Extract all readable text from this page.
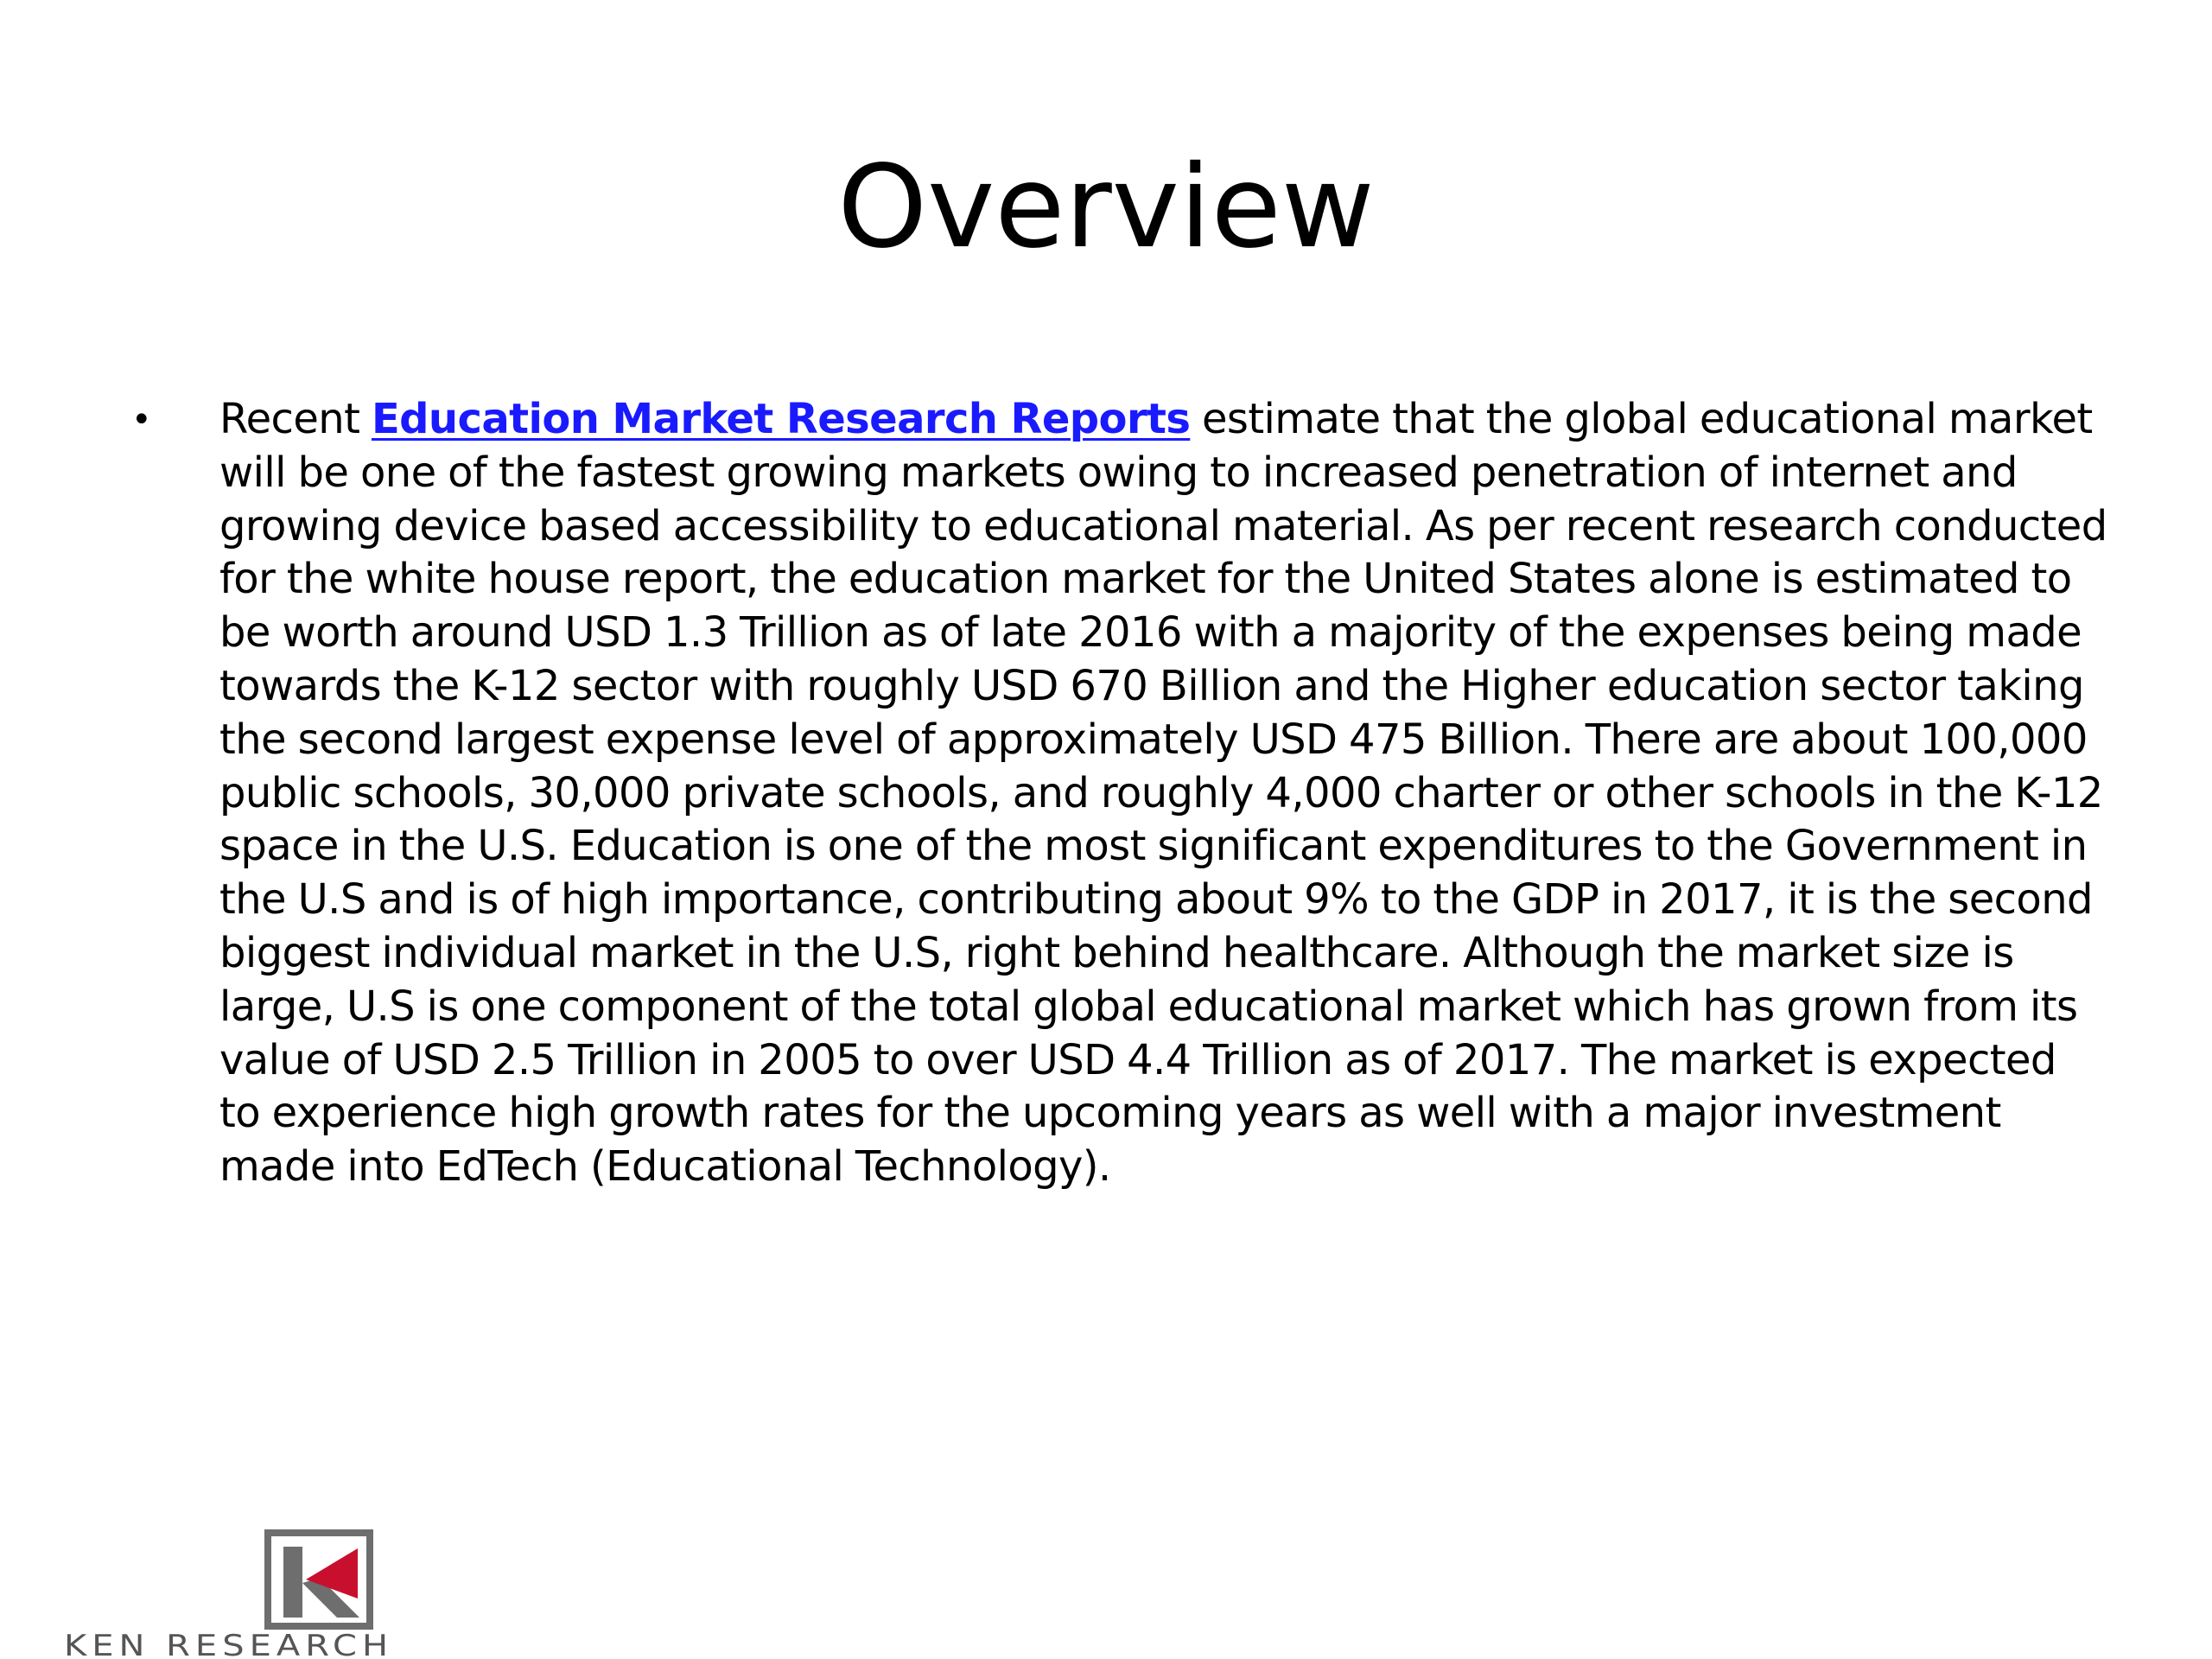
Overview
•	Recent Education Market Research Reports estimate that the global educational market will be one of the fastest growing markets owing to increased penetration of internet and growing device based accessibility to educational material. As per recent research conducted for the white house report, the education market for the United States alone is estimated to be worth around USD 1.3 Trillion as of late 2016 with a majority of the expenses being made towards the K-12 sector with roughly USD 670 Billion and the Higher education sector taking the second largest expense level of approximately USD 475 Billion. There are about 100,000 public schools, 30,000 private schools, and roughly 4,000 charter or other schools in the K-12 space in the U.S. Education is one of the most significant expenditures to the Government in the U.S and is of high importance, contributing about 9% to the GDP in 2017, it is the second biggest individual market in the U.S, right behind healthcare. Although the market size is large, U.S is one component of the total global educational market which has grown from its value of USD 2.5 Trillion in 2005 to over USD 4.4 Trillion as of 2017. The market is expected to experience high growth rates for the upcoming years as well with a major investment made into EdTech (Educational Technology).

KEN RESEARCH
